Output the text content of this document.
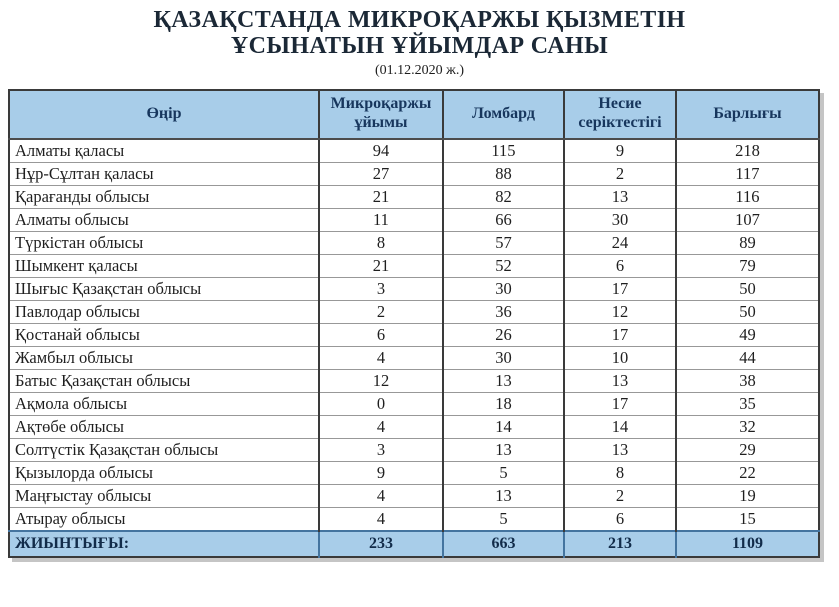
ҚАЗАҚСТАНДА МИКРОҚАРЖЫ ҚЫЗМЕТІН
ҰСЫНАТЫН ҰЙЫМДАР САНЫ
(01.12.2020 ж.)
Өңір	Микроқаржы ұйымы	Ломбард	Несие серіктестігі	Барлығы
Алматы қаласы	94	115	9	218
Нұр-Сұлтан қаласы	27	88	2	117
Қарағанды облысы	21	82	13	116
Алматы облысы	11	66	30	107
Түркістан облысы	8	57	24	89
Шымкент қаласы	21	52	6	79
Шығыс Қазақстан облысы	3	30	17	50
Павлодар облысы	2	36	12	50
Қостанай облысы	6	26	17	49
Жамбыл облысы	4	30	10	44
Батыс Қазақстан облысы	12	13	13	38
Ақмола облысы	0	18	17	35
Ақтөбе облысы	4	14	14	32
Солтүстік Қазақстан облысы	3	13	13	29
Қызылорда облысы	9	5	8	22
Маңғыстау облысы	4	13	2	19
Атырау облысы	4	5	6	15
ЖИЫНТЫҒЫ:	233	663	213	1109
